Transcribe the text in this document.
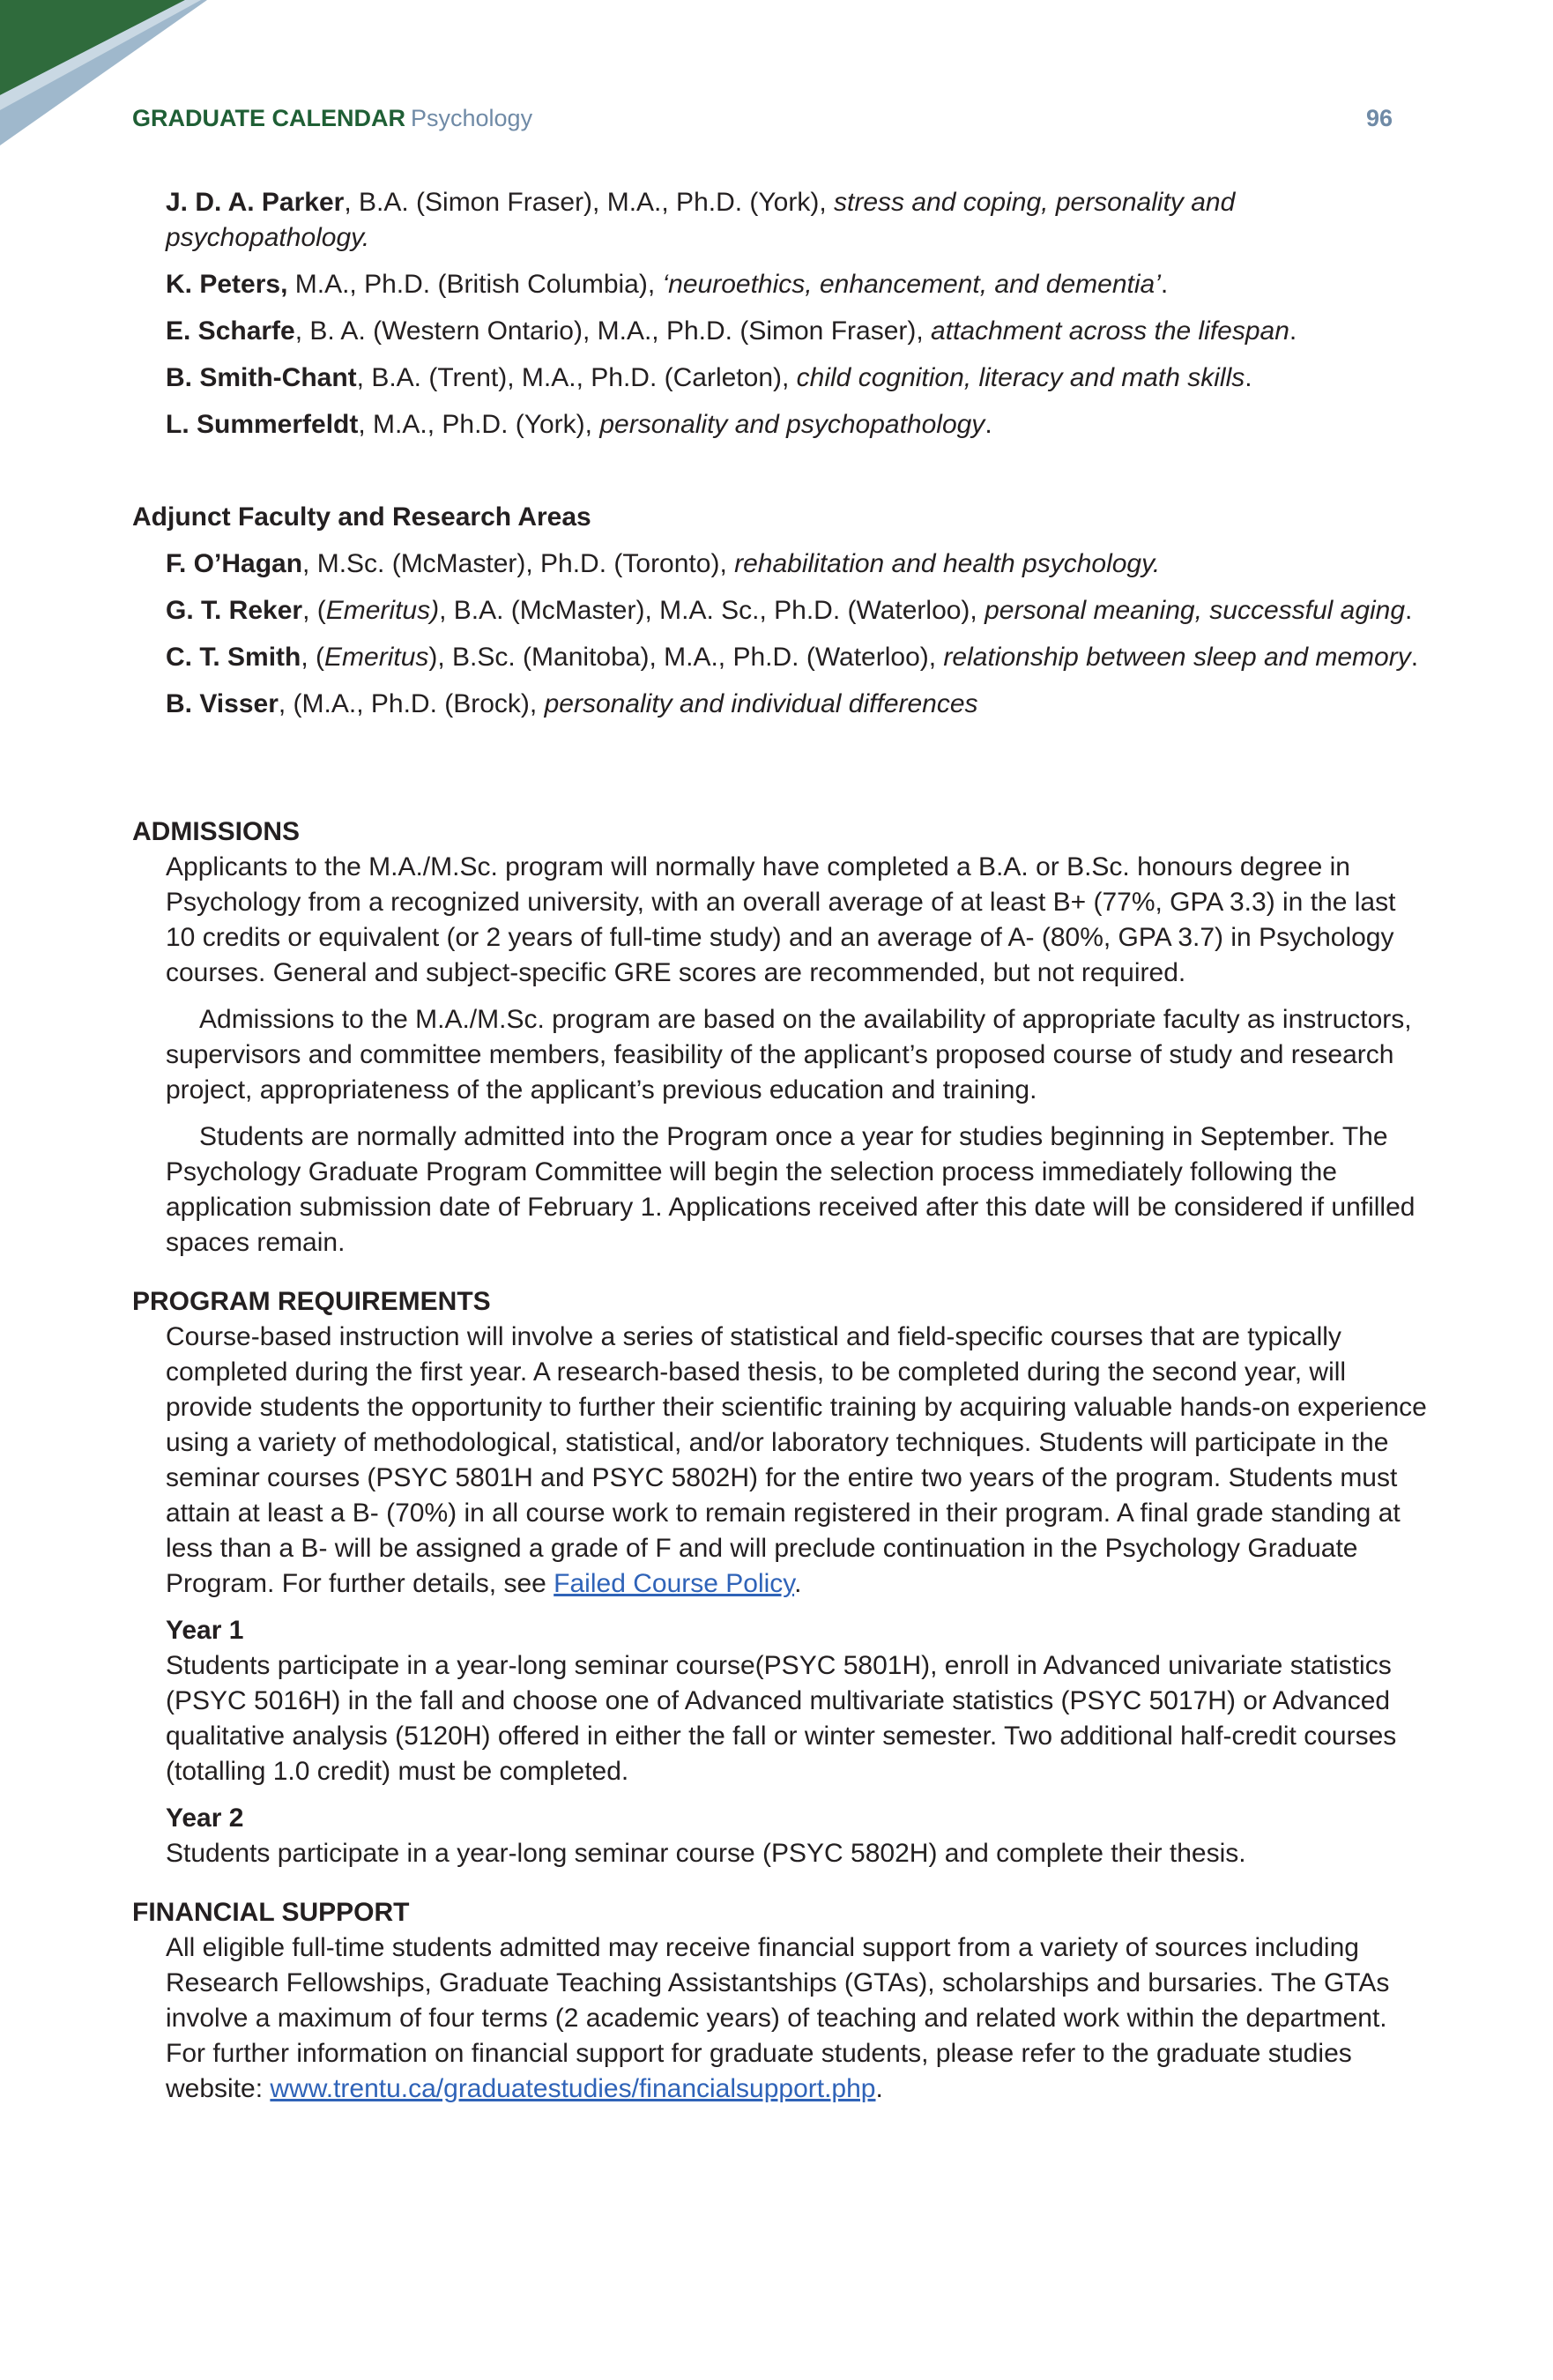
GRADUATE CALENDAR Psychology	96

J. D. A. Parker, B.A. (Simon Fraser), M.A., Ph.D. (York), stress and coping, personality and psychopathology.

K. Peters, M.A., Ph.D. (British Columbia), ‘neuroethics, enhancement, and dementia’.

E. Scharfe, B. A. (Western Ontario), M.A., Ph.D. (Simon Fraser), attachment across the lifespan.

B. Smith-Chant, B.A. (Trent), M.A., Ph.D. (Carleton), child cognition, literacy and math skills.

L. Summerfeldt, M.A., Ph.D. (York), personality and psychopathology.

Adjunct Faculty and Research Areas

F. O’Hagan, M.Sc. (McMaster), Ph.D. (Toronto), rehabilitation and health psychology.

G. T. Reker, (Emeritus), B.A. (McMaster), M.A. Sc., Ph.D. (Waterloo), personal meaning, successful aging.

C. T. Smith, (Emeritus), B.Sc. (Manitoba), M.A., Ph.D. (Waterloo), relationship between sleep and memory.

B. Visser, (M.A., Ph.D. (Brock), personality and individual differences

ADMISSIONS

Applicants to the M.A./M.Sc. program will normally have completed a B.A. or B.Sc. honours degree in Psychology from a recognized university, with an overall average of at least B+ (77%, GPA 3.3) in the last 10 credits or equivalent (or 2 years of full-time study) and an average of A- (80%, GPA 3.7) in Psychology courses. General and subject-specific GRE scores are recommended, but not required.

Admissions to the M.A./M.Sc. program are based on the availability of appropriate faculty as instructors, supervisors and committee members, feasibility of the applicant’s proposed course of study and research project, appropriateness of the applicant’s previous education and training.

Students are normally admitted into the Program once a year for studies beginning in September. The Psychology Graduate Program Committee will begin the selection process immediately following the application submission date of February 1. Applications received after this date will be considered if unfilled spaces remain.

PROGRAM REQUIREMENTS

Course-based instruction will involve a series of statistical and field-specific courses that are typically completed during the first year. A research-based thesis, to be completed during the second year, will provide students the opportunity to further their scientific training by acquiring valuable hands-on experience using a variety of methodological, statistical, and/or laboratory techniques. Students will participate in the seminar courses (PSYC 5801H and PSYC 5802H) for the entire two years of the program. Students must attain at least a B- (70%) in all course work to remain registered in their program. A final grade standing at less than a B- will be assigned a grade of F and will preclude continuation in the Psychology Graduate Program. For further details, see Failed Course Policy.

Year 1

Students participate in a year-long seminar course(PSYC 5801H), enroll in Advanced univariate statistics (PSYC 5016H) in the fall and choose one of Advanced multivariate statistics (PSYC 5017H) or Advanced qualitative analysis (5120H) offered in either the fall or winter semester. Two additional half-credit courses (totalling 1.0 credit) must be completed.

Year 2

Students participate in a year-long seminar course (PSYC 5802H) and complete their thesis.

FINANCIAL SUPPORT

All eligible full-time students admitted may receive financial support from a variety of sources including Research Fellowships, Graduate Teaching Assistantships (GTAs), scholarships and bursaries. The GTAs involve a maximum of four terms (2 academic years) of teaching and related work within the department. For further information on financial support for graduate students, please refer to the graduate studies website: www.trentu.ca/graduatestudies/financialsupport.php.
